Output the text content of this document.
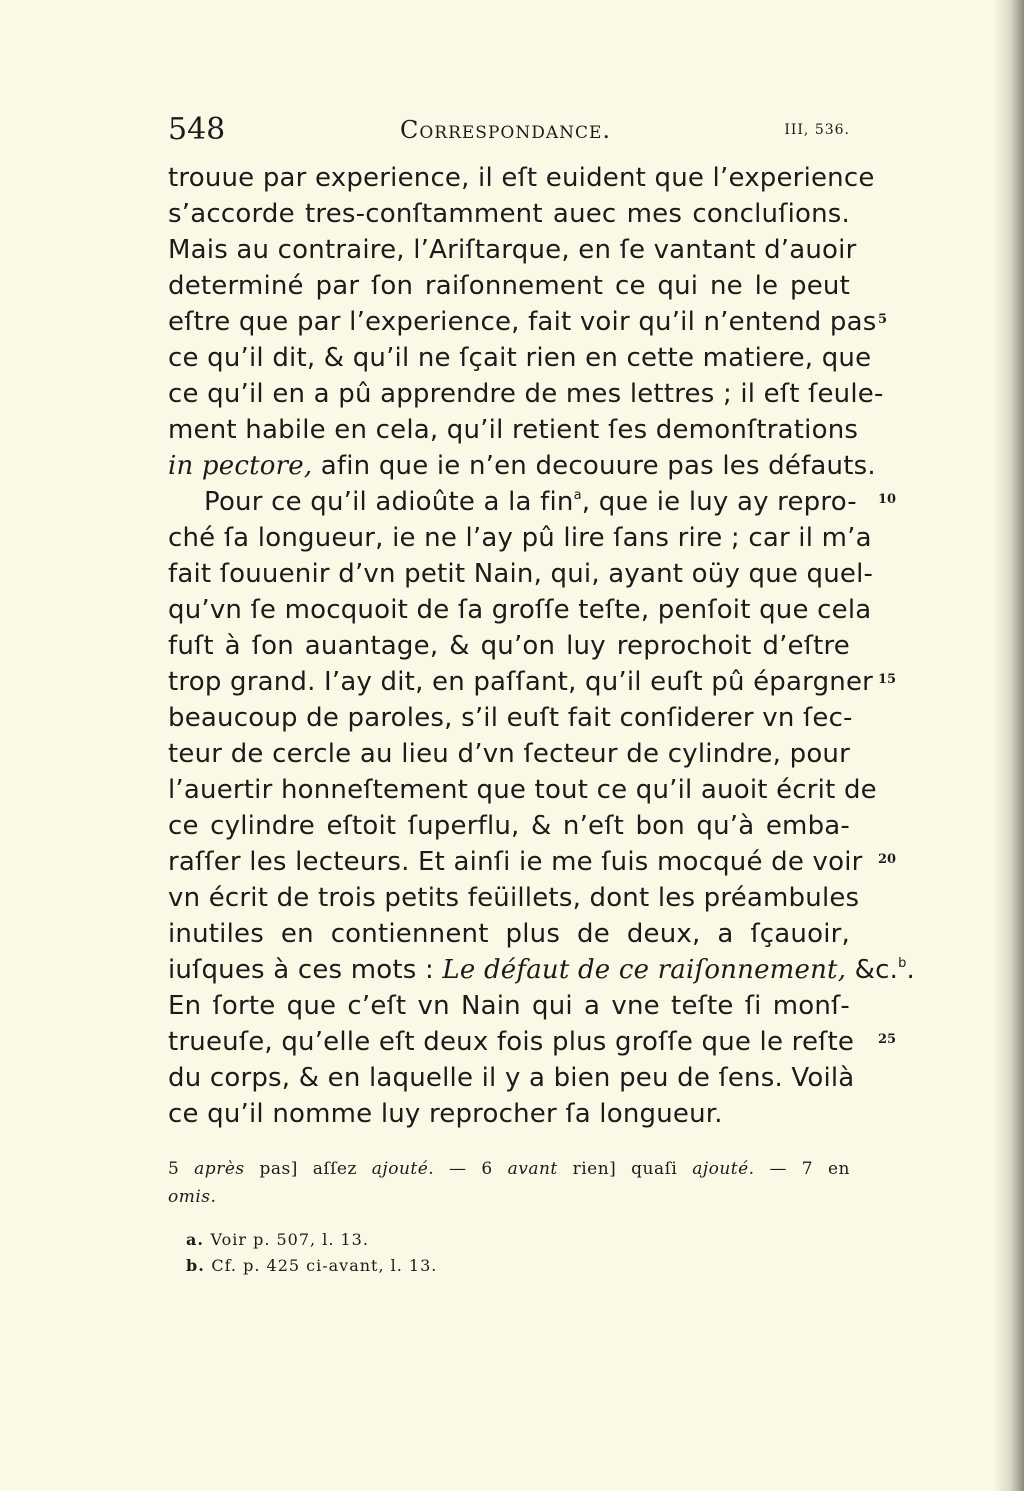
548	Correspondance.	III, 536.
trouue par experience, il eſt euident que l’experience
s’accorde tres-conſtamment auec mes concluſions.
Mais au contraire, l’Ariſtarque, en ſe vantant d’auoir
determiné par ſon raiſonnement ce qui ne le peut
eſtre que par l’experience, fait voir qu’il n’entend pas
ce qu’il dit, & qu’il ne ſçait rien en cette matiere, que
ce qu’il en a pû apprendre de mes lettres ; il eſt ſeule-
ment habile en cela, qu’il retient ſes demonſtrations
in pectore, afin que ie n’en decouure pas les défauts.
Pour ce qu’il adioûte a la fin$^a$, que ie luy ay repro-
ché ſa longueur, ie ne l’ay pû lire ſans rire ; car il m’a
fait ſouuenir d’vn petit Nain, qui, ayant oüy que quel-
qu’vn ſe mocquoit de ſa groſſe teſte, penſoit que cela
fuſt à ſon auantage, & qu’on luy reprochoit d’eſtre
trop grand. I’ay dit, en paſſant, qu’il euſt pû épargner
beaucoup de paroles, s’il euſt fait conſiderer vn ſec-
teur de cercle au lieu d’vn ſecteur de cylindre, pour
l’auertir honneſtement que tout ce qu’il auoit écrit de
ce cylindre eſtoit ſuperflu, & n’eſt bon qu’à emba-
raſſer les lecteurs. Et ainſi ie me ſuis mocqué de voir
vn écrit de trois petits feüillets, dont les préambules
inutiles en contiennent plus de deux, a ſçauoir,
iuſques à ces mots : Le défaut de ce raiſonnement, &c.$^b$.
En ſorte que c’eſt vn Nain qui a vne teſte ſi monſ-
trueuſe, qu’elle eſt deux fois plus groſſe que le reſte
du corps, & en laquelle il y a bien peu de ſens. Voilà
ce qu’il nomme luy reprocher ſa longueur.
5
10
15
20
25
5 après pas] aſſez ajouté. — 6 avant rien] quaſi ajouté. — 7 en
omis.
a. Voir p. 507, l. 13.
b. Cf. p. 425 ci-avant, l. 13.
